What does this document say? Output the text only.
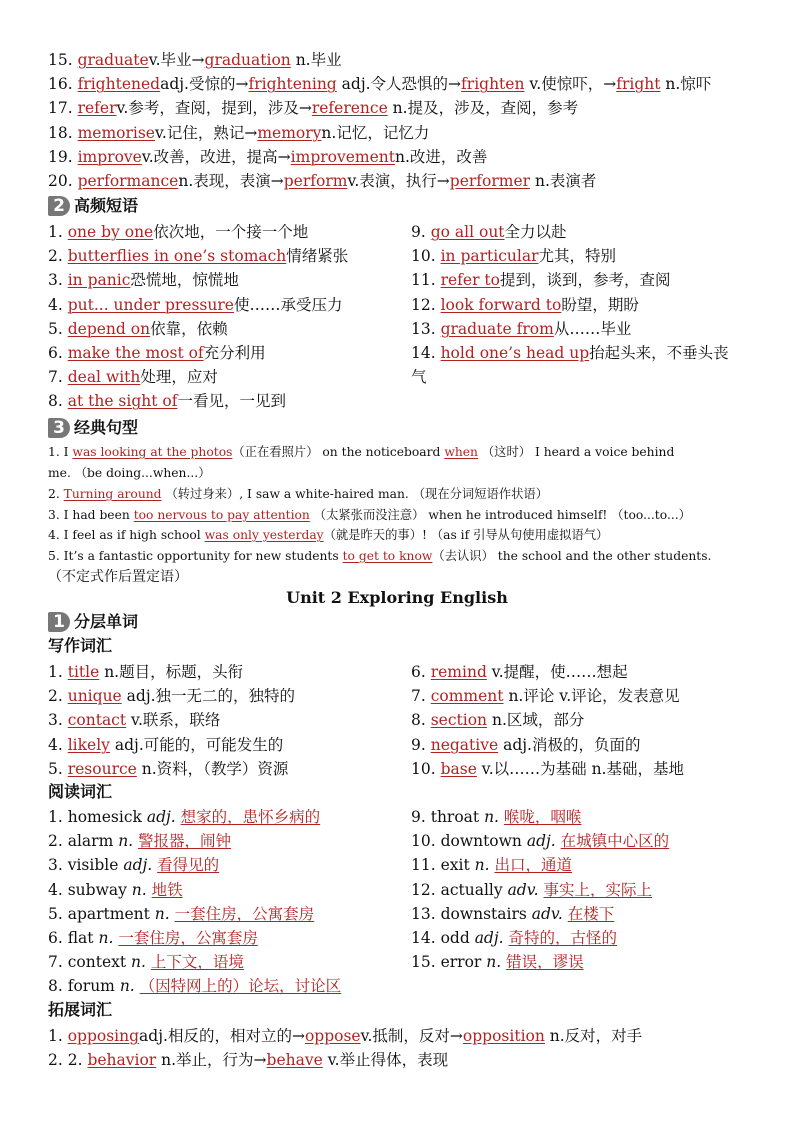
15. graduatev.毕业→graduation n.毕业
16. frightenedadj.受惊的→frightening adj.令人恐惧的→frighten v.使惊吓，→fright n.惊吓
17. referv.参考，查阅，提到，涉及→reference n.提及，涉及，查阅，参考
18. memorisev.记住，熟记→memoryn.记忆，记忆力
19. improvev.改善，改进，提高→improvementn.改进，改善
20. performancen.表现，表演→performv.表演，执行→performer n.表演者
2 高频短语
1. one by one依次地，一个接一个地
2. butterflies in one’s stomach情绪紧张
3. in panic恐慌地，惊慌地
4. put... under pressure使……承受压力
5. depend on依靠，依赖
6. make the most of充分利用
7. deal with处理，应对
8. at the sight of一看见，一见到
9. go all out全力以赴
10. in particular尤其，特别
11. refer to提到，谈到，参考，查阅
12. look forward to盼望，期盼
13. graduate from从……毕业
14. hold one’s head up抬起头来，不垂头丧
气
3 经典句型
1. I was looking at the photos（正在看照片） on the noticeboard when （这时） I heard a voice behind
me. （be doing...when...）
2. Turning around （转过身来）, I saw a white-haired man. （现在分词短语作状语）
3. I had been too nervous to pay attention （太紧张而没注意） when he introduced himself! （too...to...）
4. I feel as if high school was only yesterday（就是昨天的事）! （as if 引导从句使用虚拟语气）
5. It’s a fantastic opportunity for new students to get to know（去认识） the school and the other students.
（不定式作后置定语）
Unit 2 Exploring English
1 分层单词
写作词汇
1. title n.题目，标题，头衔
2. unique adj.独一无二的，独特的
3. contact v.联系，联络
4. likely adj.可能的，可能发生的
5. resource n.资料，（教学）资源
6. remind v.提醒，使……想起
7. comment n.评论 v.评论，发表意见
8. section n.区域，部分
9. negative adj.消极的，负面的
10. base v.以……为基础 n.基础，基地
阅读词汇
1. homesick adj. 想家的，患怀乡病的
2. alarm n. 警报器，闹钟
3. visible adj. 看得见的
4. subway n. 地铁
5. apartment n. 一套住房，公寓套房
6. flat n. 一套住房，公寓套房
7. context n. 上下文，语境
8. forum n. （因特网上的）论坛，讨论区
9. throat n. 喉咙，咽喉
10. downtown adj. 在城镇中心区的
11. exit n. 出口，通道
12. actually adv. 事实上，实际上
13. downstairs adv. 在楼下
14. odd adj. 奇特的，古怪的
15. error n. 错误，谬误
拓展词汇
1. opposingadj.相反的，相对立的→opposev.抵制，反对→opposition n.反对，对手
2. 2. behavior n.举止，行为→behave v.举止得体，表现
